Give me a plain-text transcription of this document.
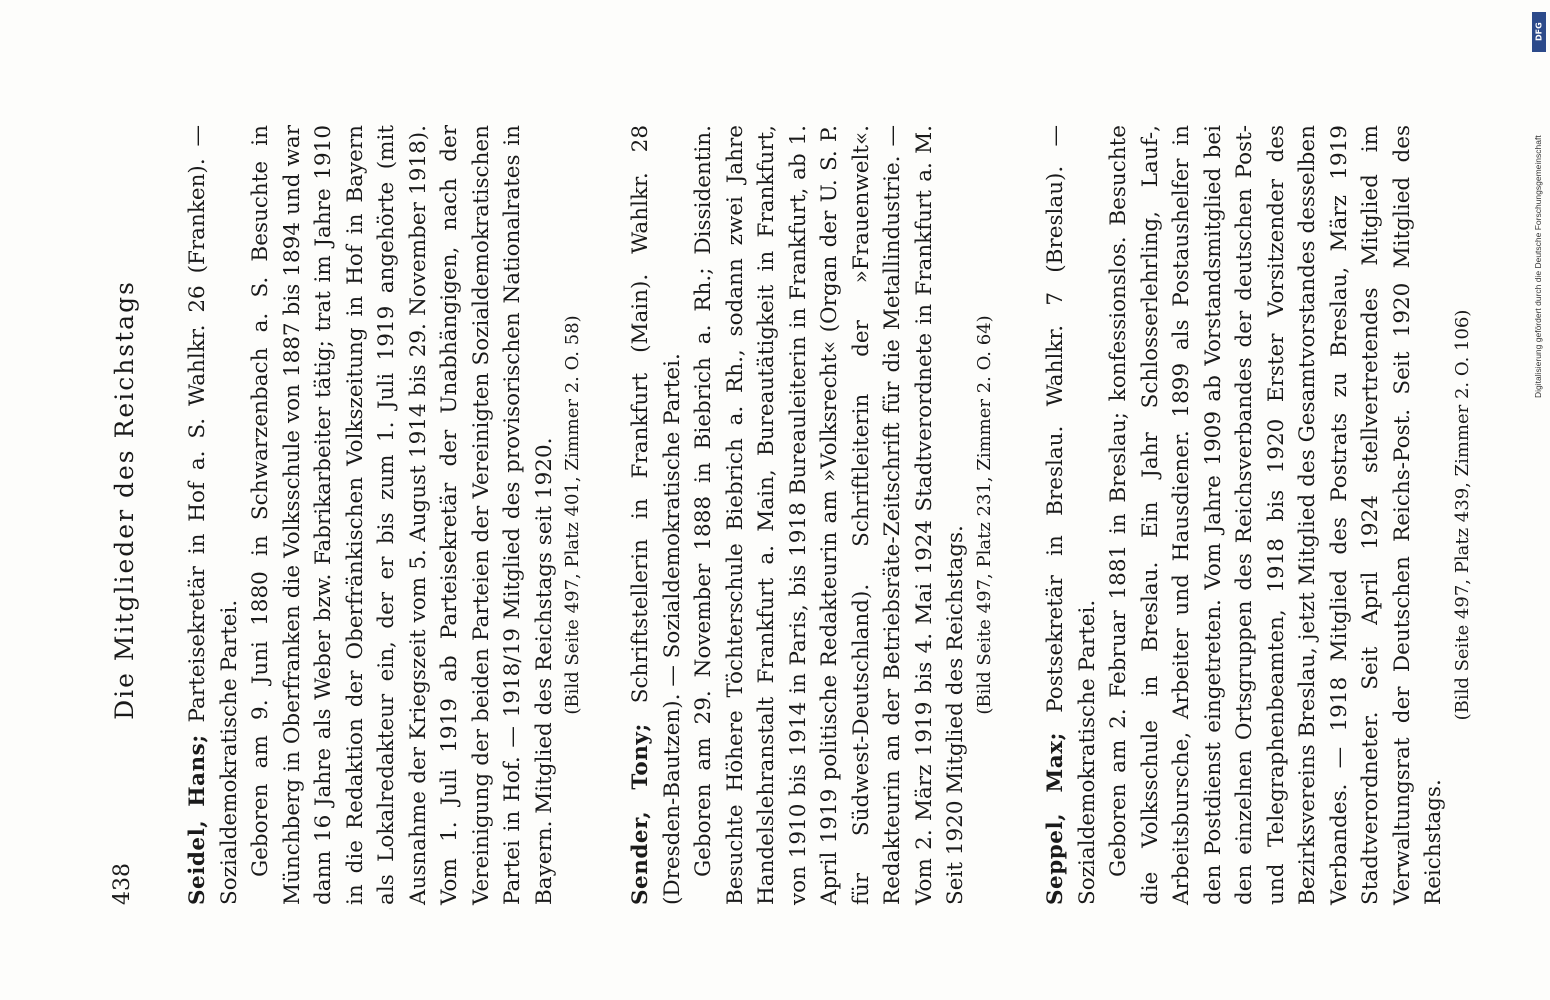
438
Die Mitglieder des Reichstags

Seidel, Hans; Parteisekretär in Hof a. S. Wahlkr. 26 (Franken). — Sozialdemokratische Partei. Geboren am 9. Juni 1880 in Schwarzenbach a. S. Besuchte in Münchberg in Oberfranken die Volksschule von 1887 bis 1894 und war dann 16 Jahre als Weber bzw. Fabrikarbeiter tätig; trat im Jahre 1910 in die Redaktion der Oberfränkischen Volkszeitung in Hof in Bayern als Lokalredakteur ein, der er bis zum 1. Juli 1919 angehörte (mit Ausnahme der Kriegszeit vom 5. August 1914 bis 29. November 1918). Vom 1. Juli 1919 ab Parteisekretär der Unabhängigen, nach der Vereinigung der beiden Parteien der Vereinigten Sozialdemokratischen Partei in Hof. — 1918/19 Mitglied des provisorischen Nationalrates in Bayern. Mitglied des Reichstags seit 1920. (Bild Seite 497, Platz 401, Zimmer 2. O. 58)

Sender, Tony; Schriftstellerin in Frankfurt (Main). Wahlkr. 28 (Dresden-Bautzen). — Sozialdemokratische Partei. Geboren am 29. November 1888 in Biebrich a. Rh.; Dissidentin. Besuchte Höhere Töchterschule Biebrich a. Rh., sodann zwei Jahre Handelslehranstalt Frankfurt a. Main, Bureautätigkeit in Frankfurt, von 1910 bis 1914 in Paris, bis 1918 Bureauleiterin in Frankfurt, ab 1. April 1919 politische Redakteurin am »Volksrecht« (Organ der U. S. P. für Südwest-Deutschland). Schriftleiterin der »Frauenwelt«. Redakteurin an der Betriebsräte-Zeitschrift für die Metallindustrie. — Vom 2. März 1919 bis 4. Mai 1924 Stadtverordnete in Frankfurt a. M. Seit 1920 Mitglied des Reichstags.

(Bild Seite 497, Platz 231, Zimmer 2. O. 64)

Seppel, Max; Postsekretär in Breslau. Wahlkr. 7 (Breslau). — Sozialdemokratische Partei. Geboren am 2. Februar 1881 in Breslau; konfessionslos. Besuchte die Volksschule in Breslau. Ein Jahr Schlosserlehrling, Lauf-, Arbeitsbursche, Arbeiter und Hausdiener. 1899 als Postaushelfer in den Postdienst eingetreten. Vom Jahre 1909 ab Vorstandsmitglied bei den einzelnen Ortsgruppen des Reichsverbandes der deutschen Post- und Telegraphenbeamten, 1918 bis 1920 Erster Vorsitzender des Bezirksvereins Breslau, jetzt Mitglied des Gesamtvorstandes desselben Verbandes. — 1918 Mitglied des Postrats zu Breslau, März 1919 Stadtverordneter. Seit April 1924 stellvertretendes Mitglied im Verwaltungsrat der Deutschen Reichs-Post. Seit 1920 Mitglied des Reichstags.

(Bild Seite 497, Platz 439, Zimmer 2. O. 106)

DFG
Digitalisierung gefördert durch die Deutsche Forschungsgemeinschaft
